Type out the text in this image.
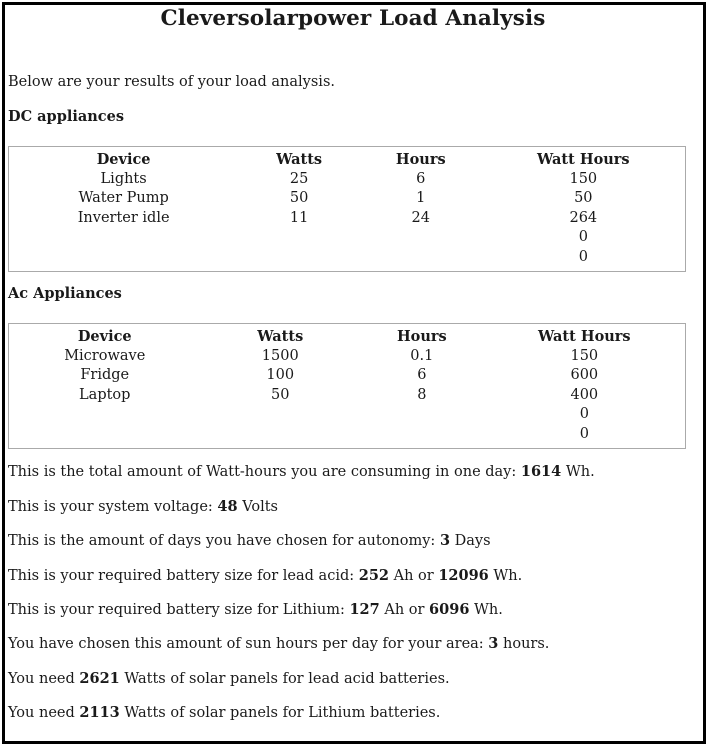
Cleversolarpower Load Analysis
Below are your results of your load analysis.
DC appliances
Device	Watts	Hours	Watt Hours
Lights	25	6	150
Water Pump	50	1	50
Inverter idle	11	24	264
			0
			0
Ac Appliances
Device	Watts	Hours	Watt Hours
Microwave	1500	0.1	150
Fridge	100	6	600
Laptop	50	8	400
			0
			0
This is the total amount of Watt-hours you are consuming in one day: 1614 Wh.
This is your system voltage: 48 Volts
This is the amount of days you have chosen for autonomy: 3 Days
This is your required battery size for lead acid: 252 Ah or 12096 Wh.
This is your required battery size for Lithium: 127 Ah or 6096 Wh.
You have chosen this amount of sun hours per day for your area: 3 hours.
You need 2621 Watts of solar panels for lead acid batteries.
You need 2113 Watts of solar panels for Lithium batteries.
